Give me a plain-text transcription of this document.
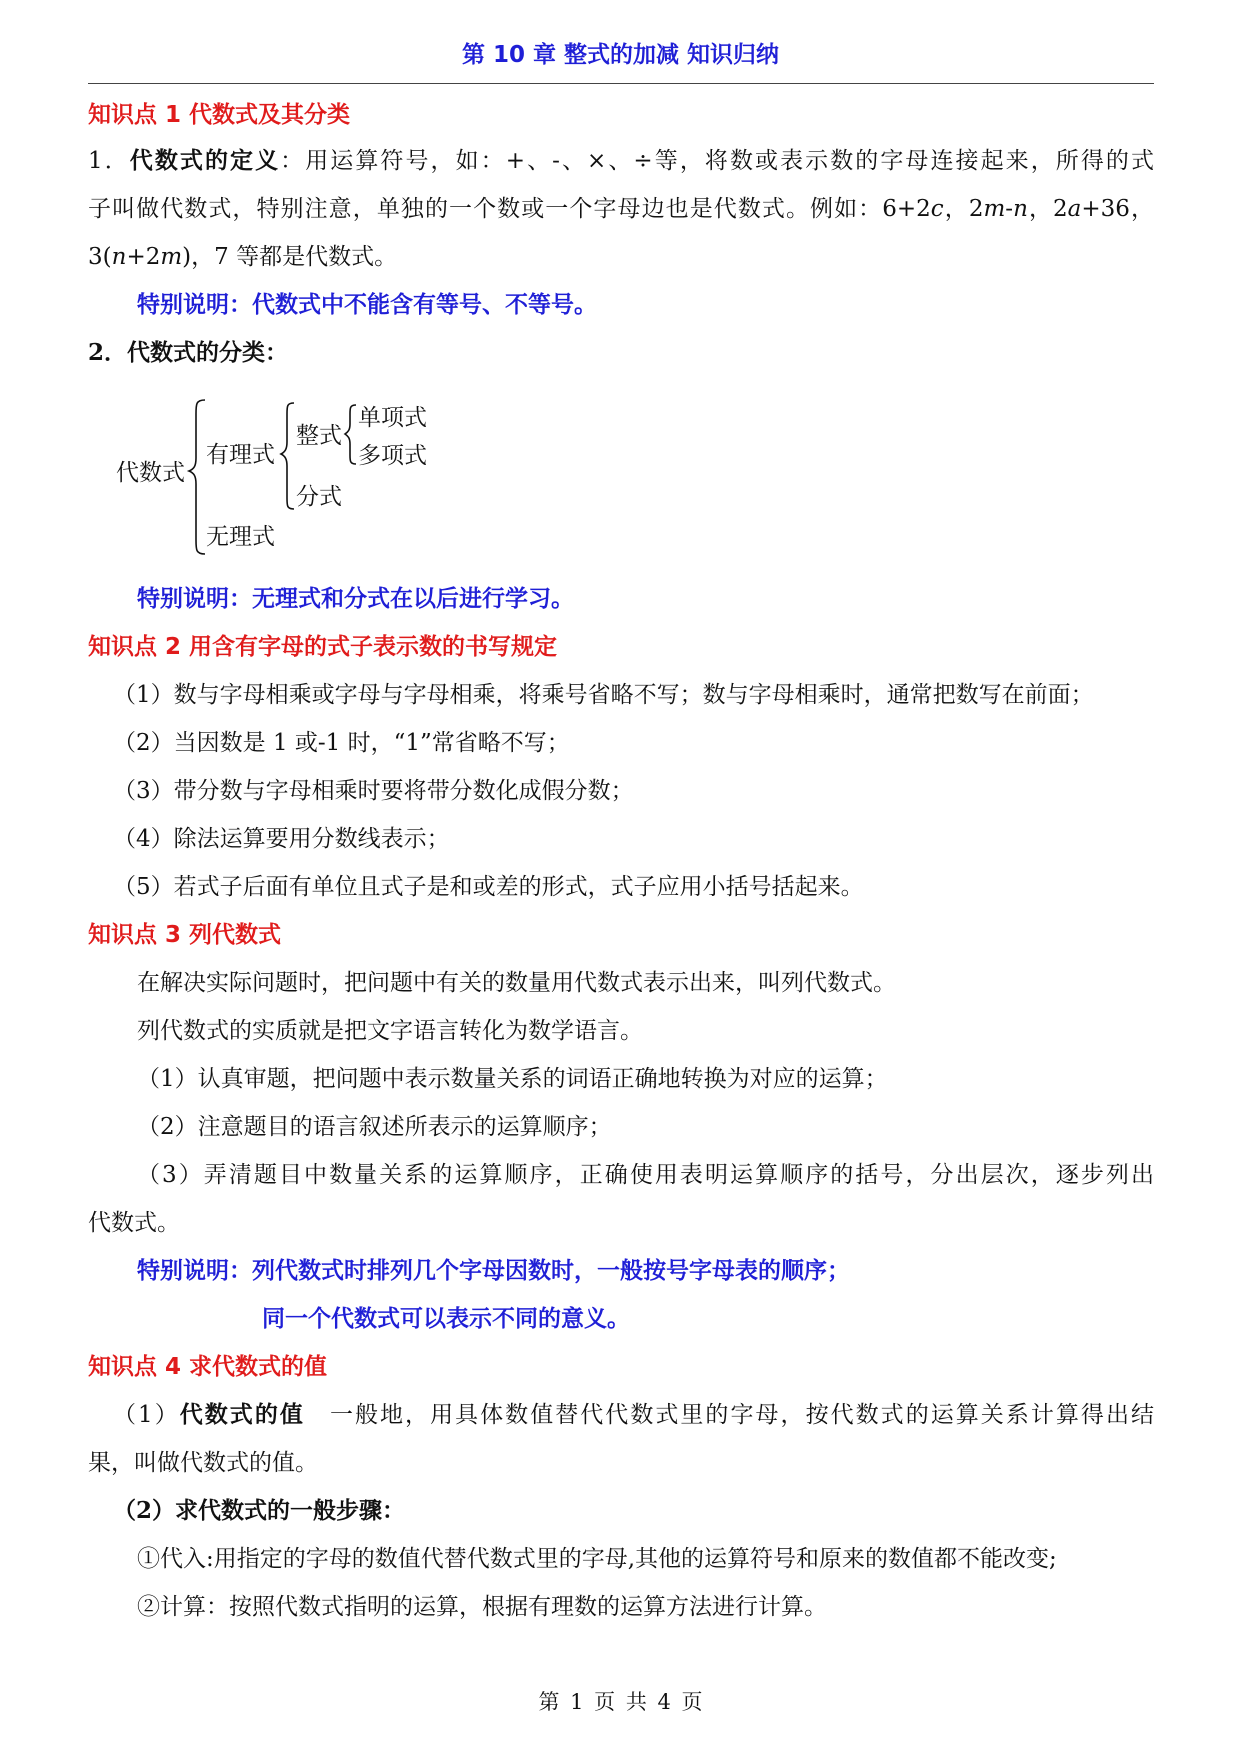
第 10 章 整式的加减 知识归纳
知识点 1 代数式及其分类
1．代数式的定义：用运算符号，如：+、-、×、÷等，将数或表示数的字母连接起来，所得的式
子叫做代数式，特别注意，单独的一个数或一个字母边也是代数式。例如：6+2c，2m-n，2a+36，
3(n+2m)，7 等都是代数式。
特别说明：代数式中不能含有等号、不等号。
2．代数式的分类：
代数式
有理式
无理式
整式
分式
单项式
多项式
特别说明：无理式和分式在以后进行学习。
知识点 2 用含有字母的式子表示数的书写规定
（1）数与字母相乘或字母与字母相乘，将乘号省略不写；数与字母相乘时，通常把数写在前面；
（2）当因数是 1 或-1 时，“1”常省略不写；
（3）带分数与字母相乘时要将带分数化成假分数；
（4）除法运算要用分数线表示；
（5）若式子后面有单位且式子是和或差的形式，式子应用小括号括起来。
知识点 3 列代数式
在解决实际问题时，把问题中有关的数量用代数式表示出来，叫列代数式。
列代数式的实质就是把文字语言转化为数学语言。
（1）认真审题，把问题中表示数量关系的词语正确地转换为对应的运算；
（2）注意题目的语言叙述所表示的运算顺序；
（3）弄清题目中数量关系的运算顺序，正确使用表明运算顺序的括号，分出层次，逐步列出
代数式。
特别说明：列代数式时排列几个字母因数时，一般按号字母表的顺序；
同一个代数式可以表示不同的意义。
知识点 4 求代数式的值
（1）代数式的值　一般地，用具体数值替代代数式里的字母，按代数式的运算关系计算得出结
果，叫做代数式的值。
（2）求代数式的一般步骤：
①代入:用指定的字母的数值代替代数式里的字母,其他的运算符号和原来的数值都不能改变;
②计算：按照代数式指明的运算，根据有理数的运算方法进行计算。
第 1 页 共 4 页
